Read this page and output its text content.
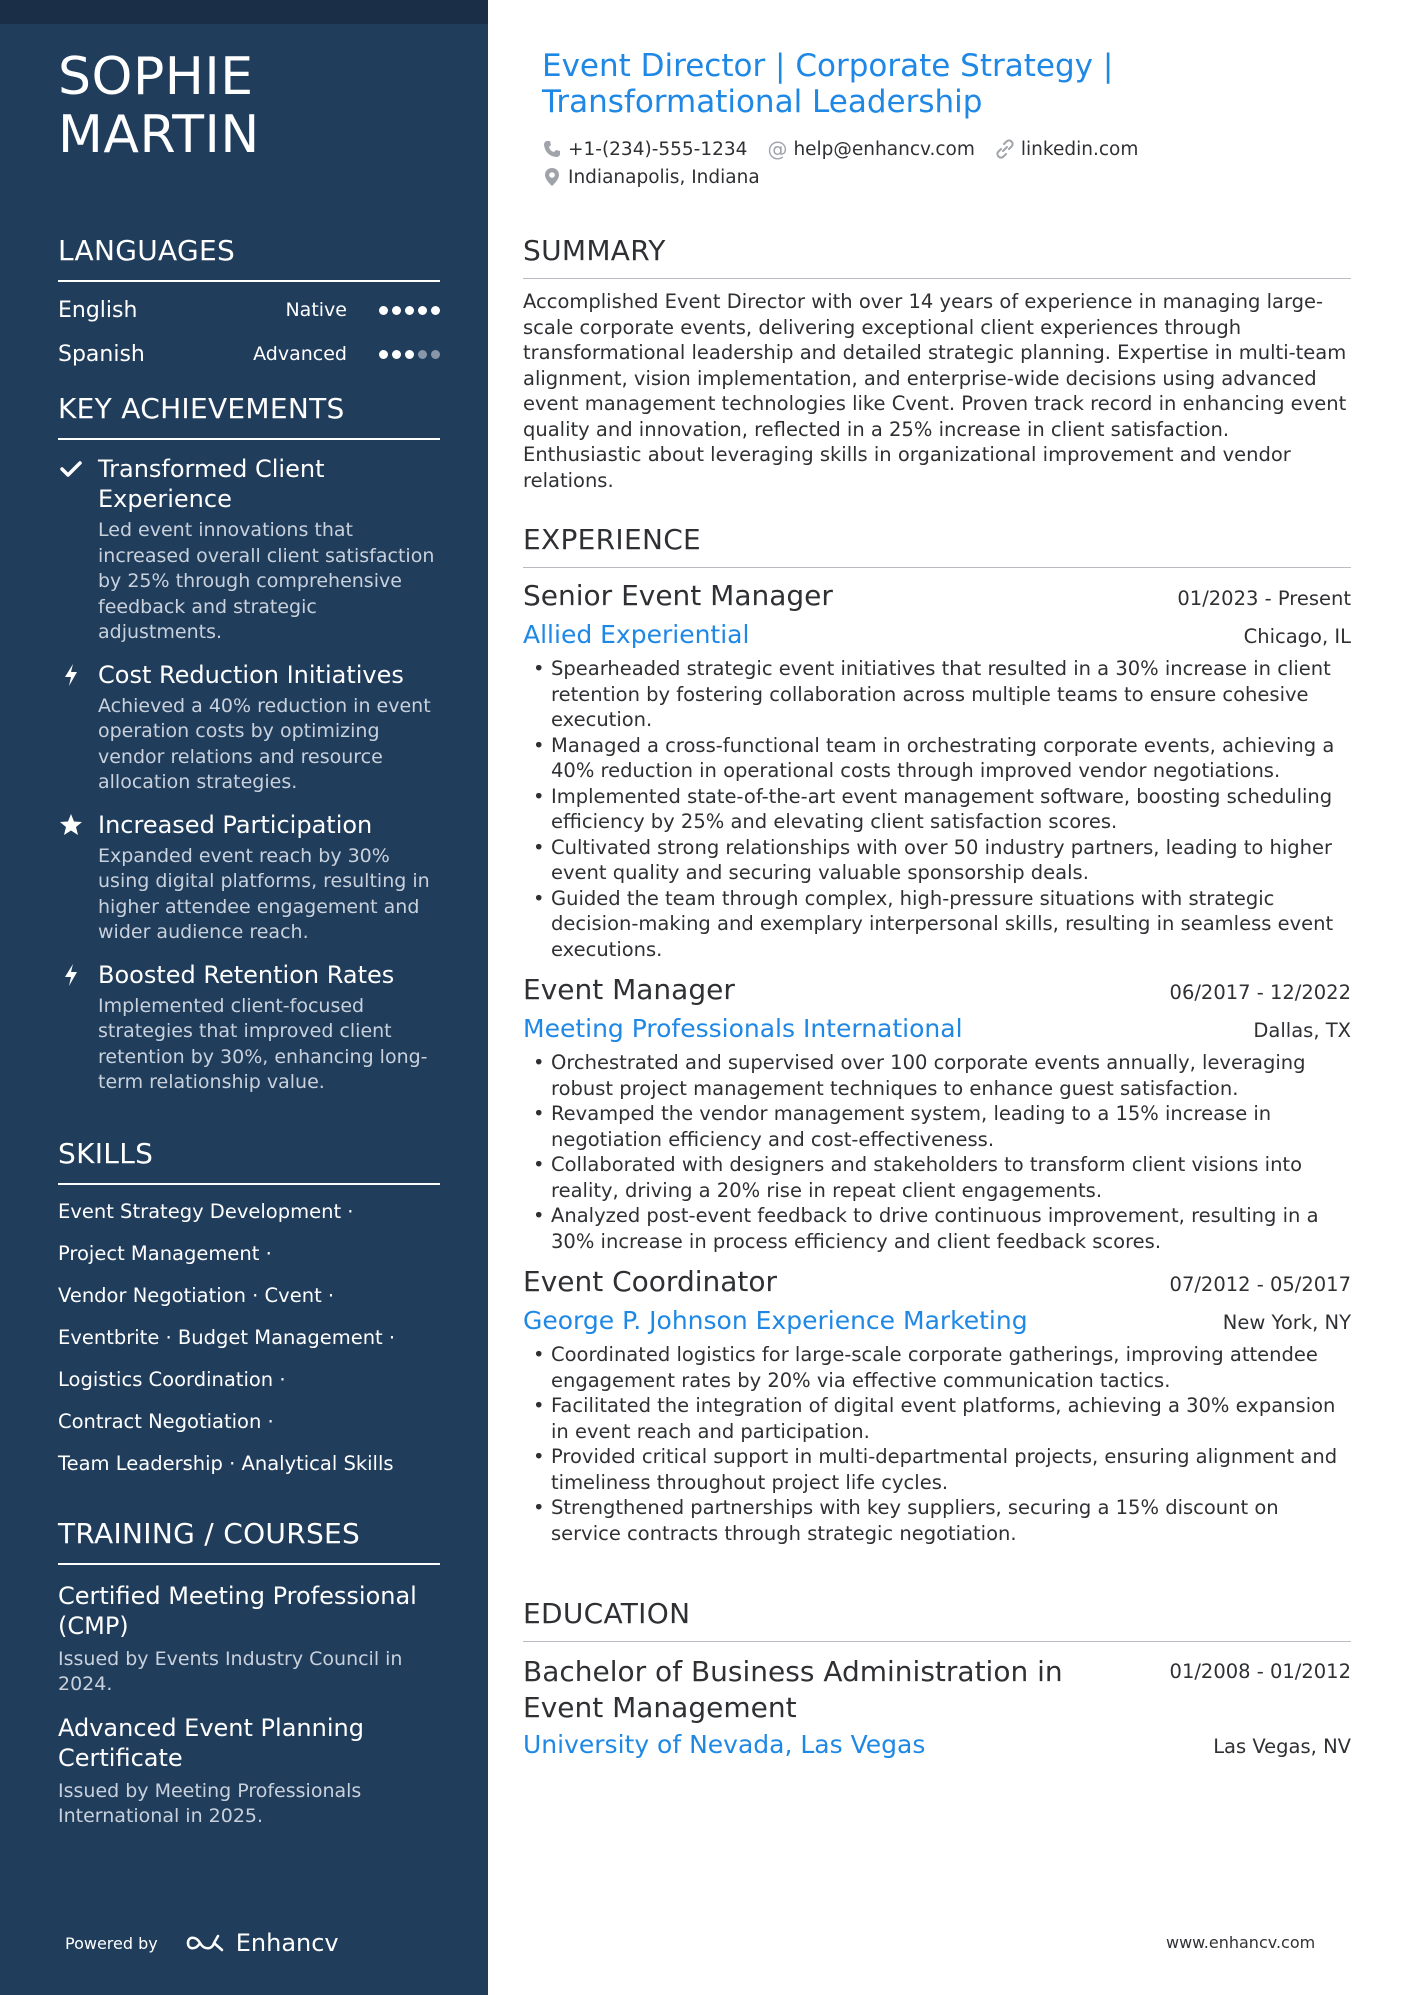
SOPHIE
MARTIN
LANGUAGES
English	Native
Spanish	Advanced
KEY ACHIEVEMENTS
Transformed Client Experience
Led event innovations that increased overall client satisfaction by 25% through comprehensive feedback and strategic adjustments.
Cost Reduction Initiatives
Achieved a 40% reduction in event operation costs by optimizing vendor relations and resource allocation strategies.
Increased Participation
Expanded event reach by 30% using digital platforms, resulting in higher attendee engagement and wider audience reach.
Boosted Retention Rates
Implemented client-focused strategies that improved client retention by 30%, enhancing long-term relationship value.
SKILLS
Event Strategy Development ·
Project Management ·
Vendor Negotiation · Cvent ·
Eventbrite · Budget Management ·
Logistics Coordination ·
Contract Negotiation ·
Team Leadership · Analytical Skills
TRAINING / COURSES
Certified Meeting Professional (CMP)
Issued by Events Industry Council in 2024.
Advanced Event Planning Certificate
Issued by Meeting Professionals International in 2025.
Powered by	Enhancv
Event Director | Corporate Strategy | Transformational Leadership
+1-(234)-555-1234 @ help@enhancv.com linkedin.com
Indianapolis, Indiana
SUMMARY
Accomplished Event Director with over 14 years of experience in managing large-scale corporate events, delivering exceptional client experiences through transformational leadership and detailed strategic planning. Expertise in multi-team alignment, vision implementation, and enterprise-wide decisions using advanced event management technologies like Cvent. Proven track record in enhancing event quality and innovation, reflected in a 25% increase in client satisfaction. Enthusiastic about leveraging skills in organizational improvement and vendor relations.
EXPERIENCE
Senior Event Manager	01/2023 - Present
Allied Experiential	Chicago, IL
• Spearheaded strategic event initiatives that resulted in a 30% increase in client retention by fostering collaboration across multiple teams to ensure cohesive execution.
• Managed a cross-functional team in orchestrating corporate events, achieving a 40% reduction in operational costs through improved vendor negotiations.
• Implemented state-of-the-art event management software, boosting scheduling efficiency by 25% and elevating client satisfaction scores.
• Cultivated strong relationships with over 50 industry partners, leading to higher event quality and securing valuable sponsorship deals.
• Guided the team through complex, high-pressure situations with strategic decision-making and exemplary interpersonal skills, resulting in seamless event executions.
Event Manager	06/2017 - 12/2022
Meeting Professionals International	Dallas, TX
• Orchestrated and supervised over 100 corporate events annually, leveraging robust project management techniques to enhance guest satisfaction.
• Revamped the vendor management system, leading to a 15% increase in negotiation efficiency and cost-effectiveness.
• Collaborated with designers and stakeholders to transform client visions into reality, driving a 20% rise in repeat client engagements.
• Analyzed post-event feedback to drive continuous improvement, resulting in a 30% increase in process efficiency and client feedback scores.
Event Coordinator	07/2012 - 05/2017
George P. Johnson Experience Marketing	New York, NY
• Coordinated logistics for large-scale corporate gatherings, improving attendee engagement rates by 20% via effective communication tactics.
• Facilitated the integration of digital event platforms, achieving a 30% expansion in event reach and participation.
• Provided critical support in multi-departmental projects, ensuring alignment and timeliness throughout project life cycles.
• Strengthened partnerships with key suppliers, securing a 15% discount on service contracts through strategic negotiation.
EDUCATION
Bachelor of Business Administration in Event Management
01/2008 - 01/2012
University of Nevada, Las Vegas	Las Vegas, NV
www.enhancv.com
